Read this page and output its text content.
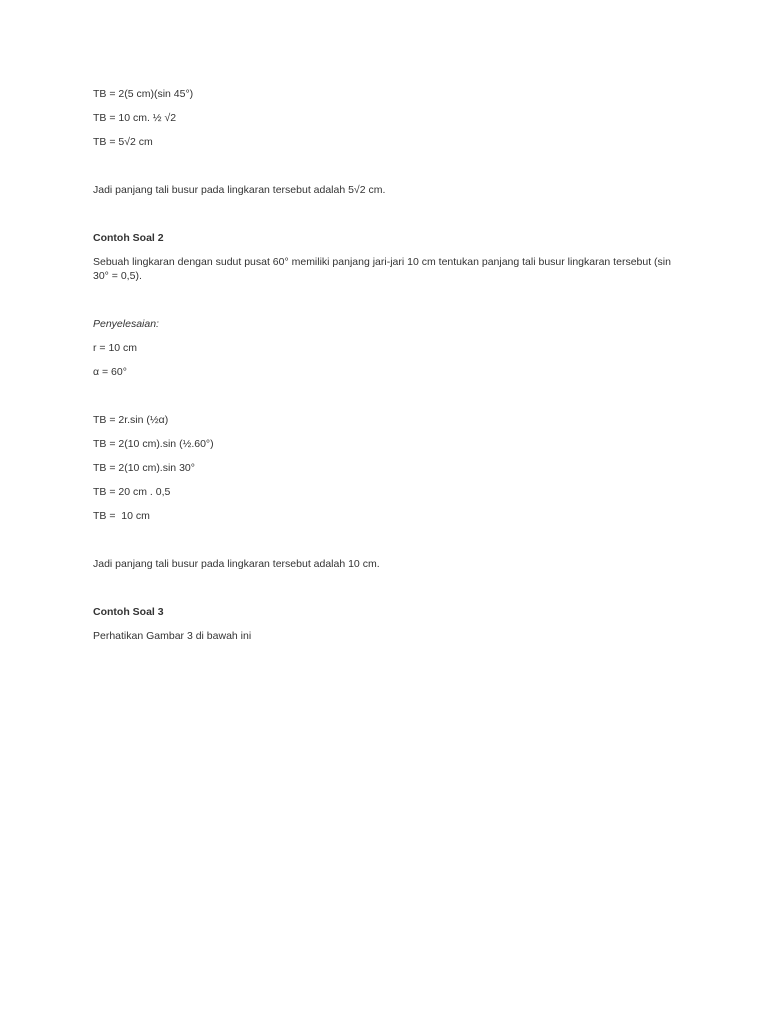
TB = 2(5 cm)(sin 45°)

TB = 10 cm. ½ √2

TB = 5√2 cm

Jadi panjang tali busur pada lingkaran tersebut adalah 5√2 cm.

Contoh Soal 2

Sebuah lingkaran dengan sudut pusat 60° memiliki panjang jari-jari 10 cm tentukan panjang tali busur lingkaran tersebut (sin 30° = 0,5).

Penyelesaian:

r = 10 cm

α = 60°

TB = 2r.sin (½α)

TB = 2(10 cm).sin (½.60°)

TB = 2(10 cm).sin 30°

TB = 20 cm . 0,5

TB =  10 cm

Jadi panjang tali busur pada lingkaran tersebut adalah 10 cm.

Contoh Soal 3

Perhatikan Gambar 3 di bawah ini
